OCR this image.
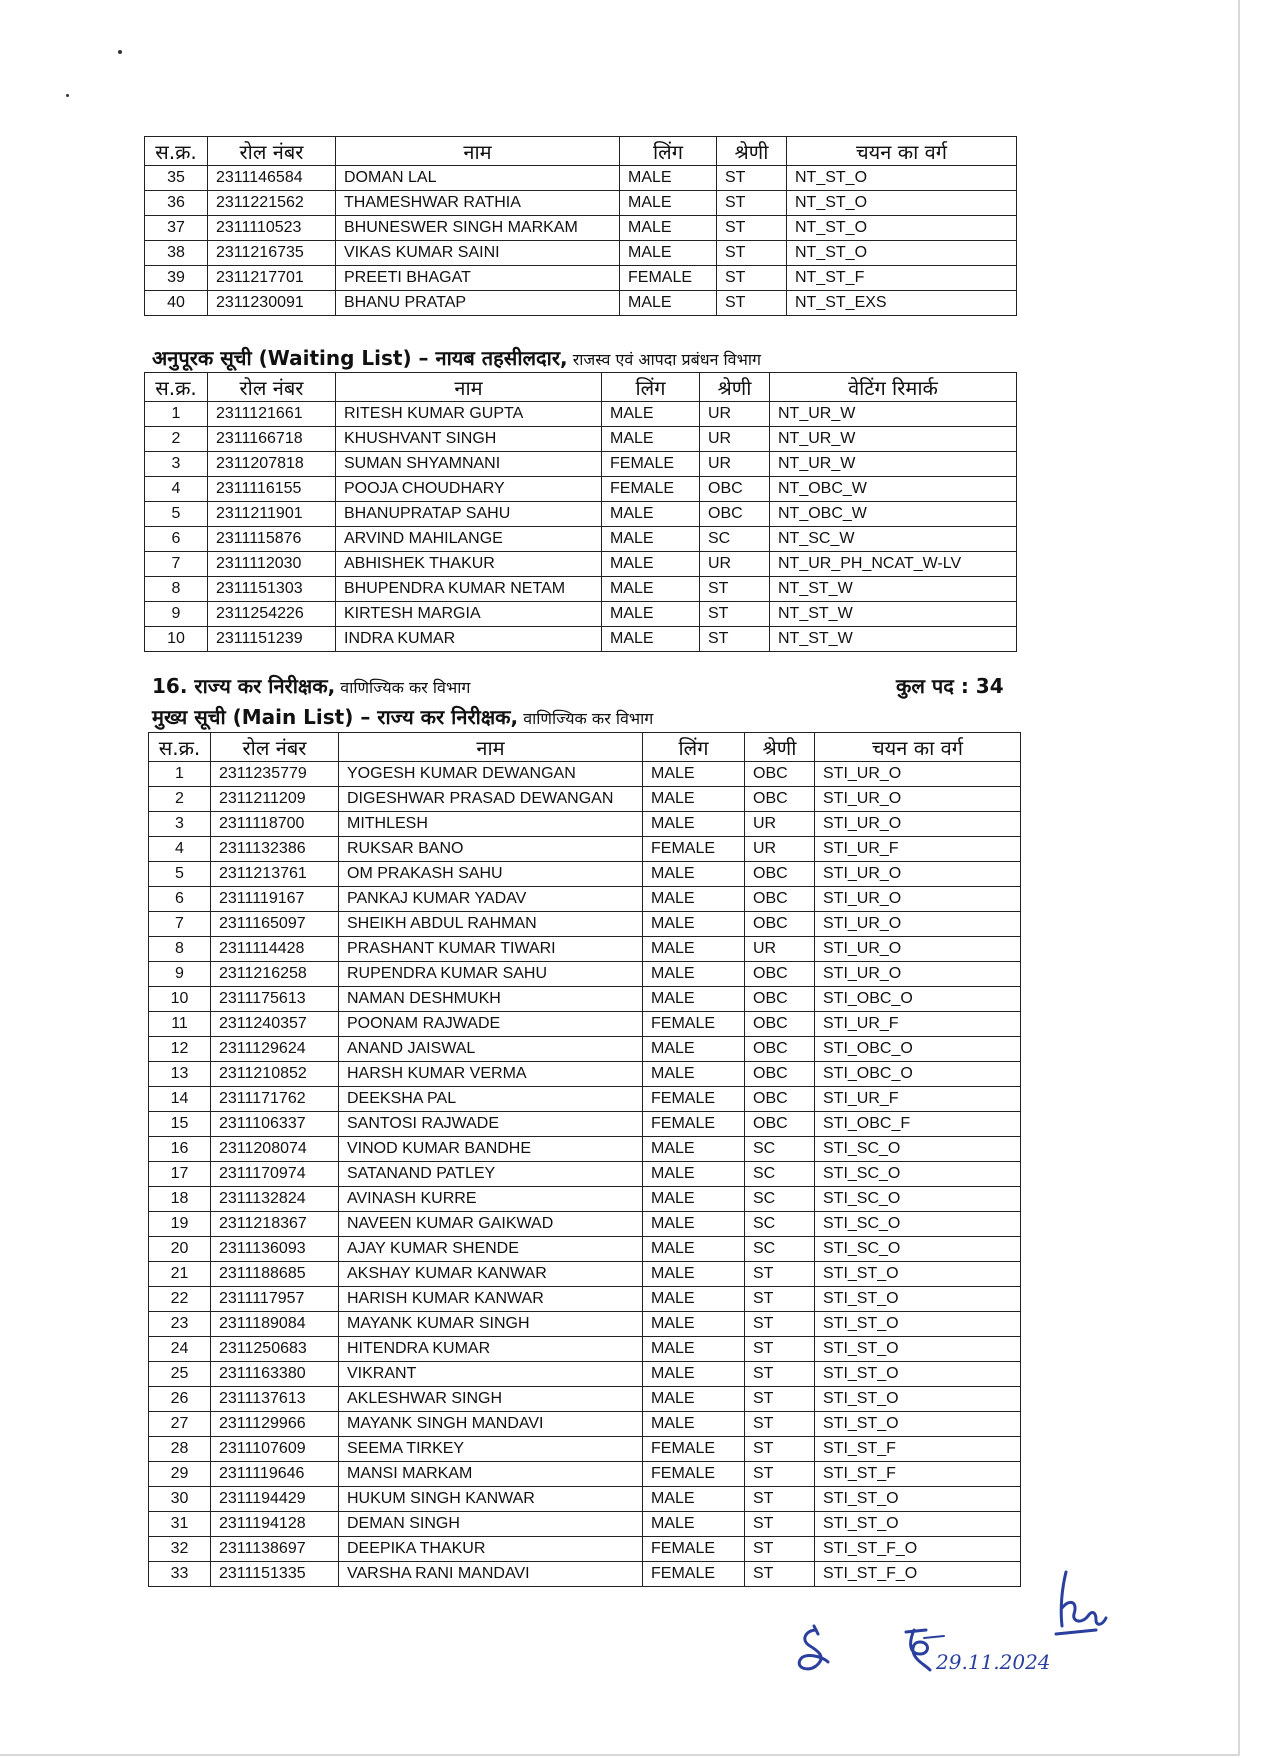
स.क्र.	रोल नंबर	नाम	लिंग	श्रेणी	चयन का वर्ग
35	2311146584	DOMAN LAL	MALE	ST	NT_ST_O
36	2311221562	THAMESHWAR RATHIA	MALE	ST	NT_ST_O
37	2311110523	BHUNESWER SINGH MARKAM	MALE	ST	NT_ST_O
38	2311216735	VIKAS KUMAR SAINI	MALE	ST	NT_ST_O
39	2311217701	PREETI BHAGAT	FEMALE	ST	NT_ST_F
40	2311230091	BHANU PRATAP	MALE	ST	NT_ST_EXS
अनुपूरक सूची (Waiting List) – नायब तहसीलदार, राजस्व एवं आपदा प्रबंधन विभाग
स.क्र.	रोल नंबर	नाम	लिंग	श्रेणी	वेटिंग रिमार्क
1	2311121661	RITESH KUMAR GUPTA	MALE	UR	NT_UR_W
2	2311166718	KHUSHVANT SINGH	MALE	UR	NT_UR_W
3	2311207818	SUMAN SHYAMNANI	FEMALE	UR	NT_UR_W
4	2311116155	POOJA CHOUDHARY	FEMALE	OBC	NT_OBC_W
5	2311211901	BHANUPRATAP SAHU	MALE	OBC	NT_OBC_W
6	2311115876	ARVIND MAHILANGE	MALE	SC	NT_SC_W
7	2311112030	ABHISHEK THAKUR	MALE	UR	NT_UR_PH_NCAT_W-LV
8	2311151303	BHUPENDRA KUMAR NETAM	MALE	ST	NT_ST_W
9	2311254226	KIRTESH MARGIA	MALE	ST	NT_ST_W
10	2311151239	INDRA KUMAR	MALE	ST	NT_ST_W
16. राज्य कर निरीक्षक, वाणिज्यिक कर विभाग	कुल पद : 34
मुख्य सूची (Main List) – राज्य कर निरीक्षक, वाणिज्यिक कर विभाग
स.क्र.	रोल नंबर	नाम	लिंग	श्रेणी	चयन का वर्ग
1	2311235779	YOGESH KUMAR DEWANGAN	MALE	OBC	STI_UR_O
2	2311211209	DIGESHWAR PRASAD DEWANGAN	MALE	OBC	STI_UR_O
3	2311118700	MITHLESH	MALE	UR	STI_UR_O
4	2311132386	RUKSAR BANO	FEMALE	UR	STI_UR_F
5	2311213761	OM PRAKASH SAHU	MALE	OBC	STI_UR_O
6	2311119167	PANKAJ KUMAR YADAV	MALE	OBC	STI_UR_O
7	2311165097	SHEIKH ABDUL RAHMAN	MALE	OBC	STI_UR_O
8	2311114428	PRASHANT KUMAR TIWARI	MALE	UR	STI_UR_O
9	2311216258	RUPENDRA KUMAR SAHU	MALE	OBC	STI_UR_O
10	2311175613	NAMAN DESHMUKH	MALE	OBC	STI_OBC_O
11	2311240357	POONAM RAJWADE	FEMALE	OBC	STI_UR_F
12	2311129624	ANAND JAISWAL	MALE	OBC	STI_OBC_O
13	2311210852	HARSH KUMAR VERMA	MALE	OBC	STI_OBC_O
14	2311171762	DEEKSHA PAL	FEMALE	OBC	STI_UR_F
15	2311106337	SANTOSI RAJWADE	FEMALE	OBC	STI_OBC_F
16	2311208074	VINOD KUMAR BANDHE	MALE	SC	STI_SC_O
17	2311170974	SATANAND PATLEY	MALE	SC	STI_SC_O
18	2311132824	AVINASH KURRE	MALE	SC	STI_SC_O
19	2311218367	NAVEEN KUMAR GAIKWAD	MALE	SC	STI_SC_O
20	2311136093	AJAY KUMAR SHENDE	MALE	SC	STI_SC_O
21	2311188685	AKSHAY KUMAR KANWAR	MALE	ST	STI_ST_O
22	2311117957	HARISH KUMAR KANWAR	MALE	ST	STI_ST_O
23	2311189084	MAYANK KUMAR SINGH	MALE	ST	STI_ST_O
24	2311250683	HITENDRA KUMAR	MALE	ST	STI_ST_O
25	2311163380	VIKRANT	MALE	ST	STI_ST_O
26	2311137613	AKLESHWAR SINGH	MALE	ST	STI_ST_O
27	2311129966	MAYANK SINGH MANDAVI	MALE	ST	STI_ST_O
28	2311107609	SEEMA TIRKEY	FEMALE	ST	STI_ST_F
29	2311119646	MANSI MARKAM	FEMALE	ST	STI_ST_F
30	2311194429	HUKUM SINGH KANWAR	MALE	ST	STI_ST_O
31	2311194128	DEMAN SINGH	MALE	ST	STI_ST_O
32	2311138697	DEEPIKA THAKUR	FEMALE	ST	STI_ST_F_O
33	2311151335	VARSHA RANI MANDAVI	FEMALE	ST	STI_ST_F_O
29.11.2024
